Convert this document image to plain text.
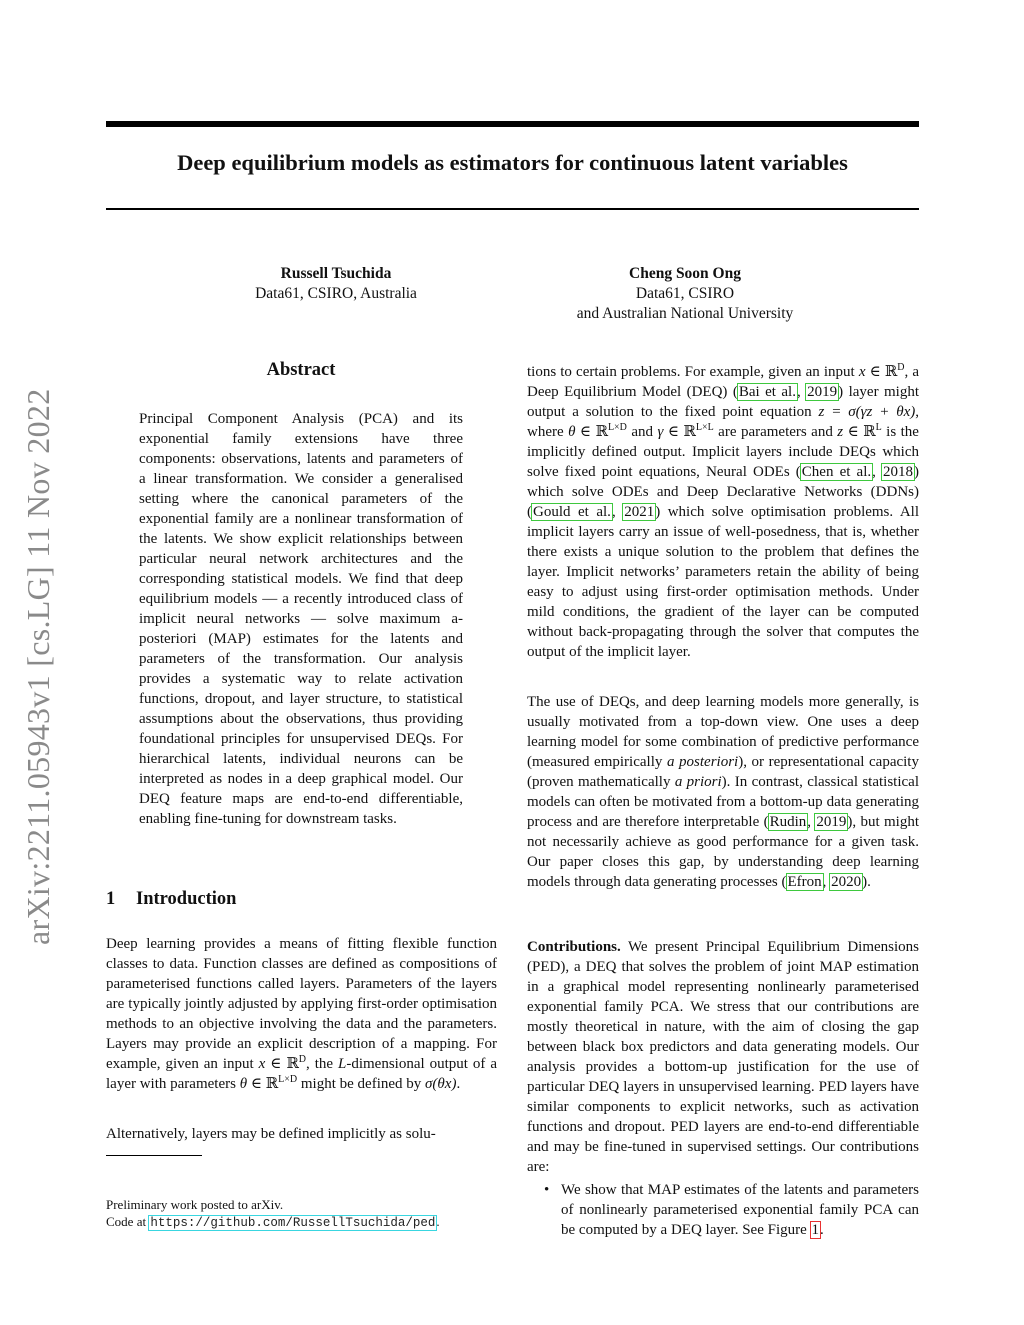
arXiv:2211.05943v1 [cs.LG] 11 Nov 2022
Deep equilibrium models as estimators for continuous latent variables
Russell Tsuchida
Data61, CSIRO, Australia
Cheng Soon Ong
Data61, CSIRO
and Australian National University
Abstract

Principal Component Analysis (PCA) and its exponential family extensions have three components: observations, latents and parameters of a linear transformation. We consider a generalised setting where the canonical parameters of the exponential family are a nonlinear transformation of the latents. We show explicit relationships between particular neural network architectures and the corresponding statistical models. We find that deep equilibrium models — a recently introduced class of implicit neural networks — solve maximum a-posteriori (MAP) estimates for the latents and parameters of the transformation. Our analysis provides a systematic way to relate activation functions, dropout, and layer structure, to statistical assumptions about the observations, thus providing foundational principles for unsupervised DEQs. For hierarchical latents, individual neurons can be interpreted as nodes in a deep graphical model. Our DEQ feature maps are end-to-end differentiable, enabling fine-tuning for downstream tasks.

1 Introduction

Deep learning provides a means of fitting flexible function classes to data. Function classes are defined as compositions of parameterised functions called layers. Parameters of the layers are typically jointly adjusted by applying first-order optimisation methods to an objective involving the data and the parameters. Layers may provide an explicit description of a mapping. For example, given an input x ∈ ℝ$^D$, the L-dimensional output of a layer with parameters θ ∈ ℝ$^{L\times D}$ might be defined by σ(θx).

Alternatively, layers may be defined implicitly as solu-

Preliminary work posted to arXiv.

Code at https://github.com/RussellTsuchida/ped.

tions to certain problems. For example, given an input x ∈ ℝ$^D$, a Deep Equilibrium Model (DEQ) (Bai et al., 2019) layer might output a solution to the fixed point equation z = σ(γz + θx), where θ ∈ ℝ$^{L\times D}$ and γ ∈ ℝ$^{L\times L}$ are parameters and z ∈ ℝ$^L$ is the implicitly defined output. Implicit layers include DEQs which solve fixed point equations, Neural ODEs (Chen et al., 2018) which solve ODEs and Deep Declarative Networks (DDNs) (Gould et al., 2021) which solve optimisation problems. All implicit layers carry an issue of well-posedness, that is, whether there exists a unique solution to the problem that defines the layer. Implicit networks’ parameters retain the ability of being easy to adjust using first-order optimisation methods. Under mild conditions, the gradient of the layer can be computed without back-propagating through the solver that computes the output of the implicit layer.

The use of DEQs, and deep learning models more generally, is usually motivated from a top-down view. One uses a deep learning model for some combination of predictive performance (measured empirically a posteriori), or representational capacity (proven mathematically a priori). In contrast, classical statistical models can often be motivated from a bottom-up data generating process and are therefore interpretable (Rudin, 2019), but might not necessarily achieve as good performance for a given task. Our paper closes this gap, by understanding deep learning models through data generating processes (Efron, 2020).

Contributions. We present Principal Equilibrium Dimensions (PED), a DEQ that solves the problem of joint MAP estimation in a graphical model representing nonlinearly parameterised exponential family PCA. We stress that our contributions are mostly theoretical in nature, with the aim of closing the gap between black box predictors and data generating models. Our analysis provides a bottom-up justification for the use of particular DEQ layers in unsupervised learning. PED layers have similar components to explicit networks, such as activation functions and dropout. PED layers are end-to-end differentiable and may be fine-tuned in supervised settings. Our contributions are:

• We show that MAP estimates of the latents and parameters of nonlinearly parameterised exponential family PCA can be computed by a DEQ layer. See Figure 1.
